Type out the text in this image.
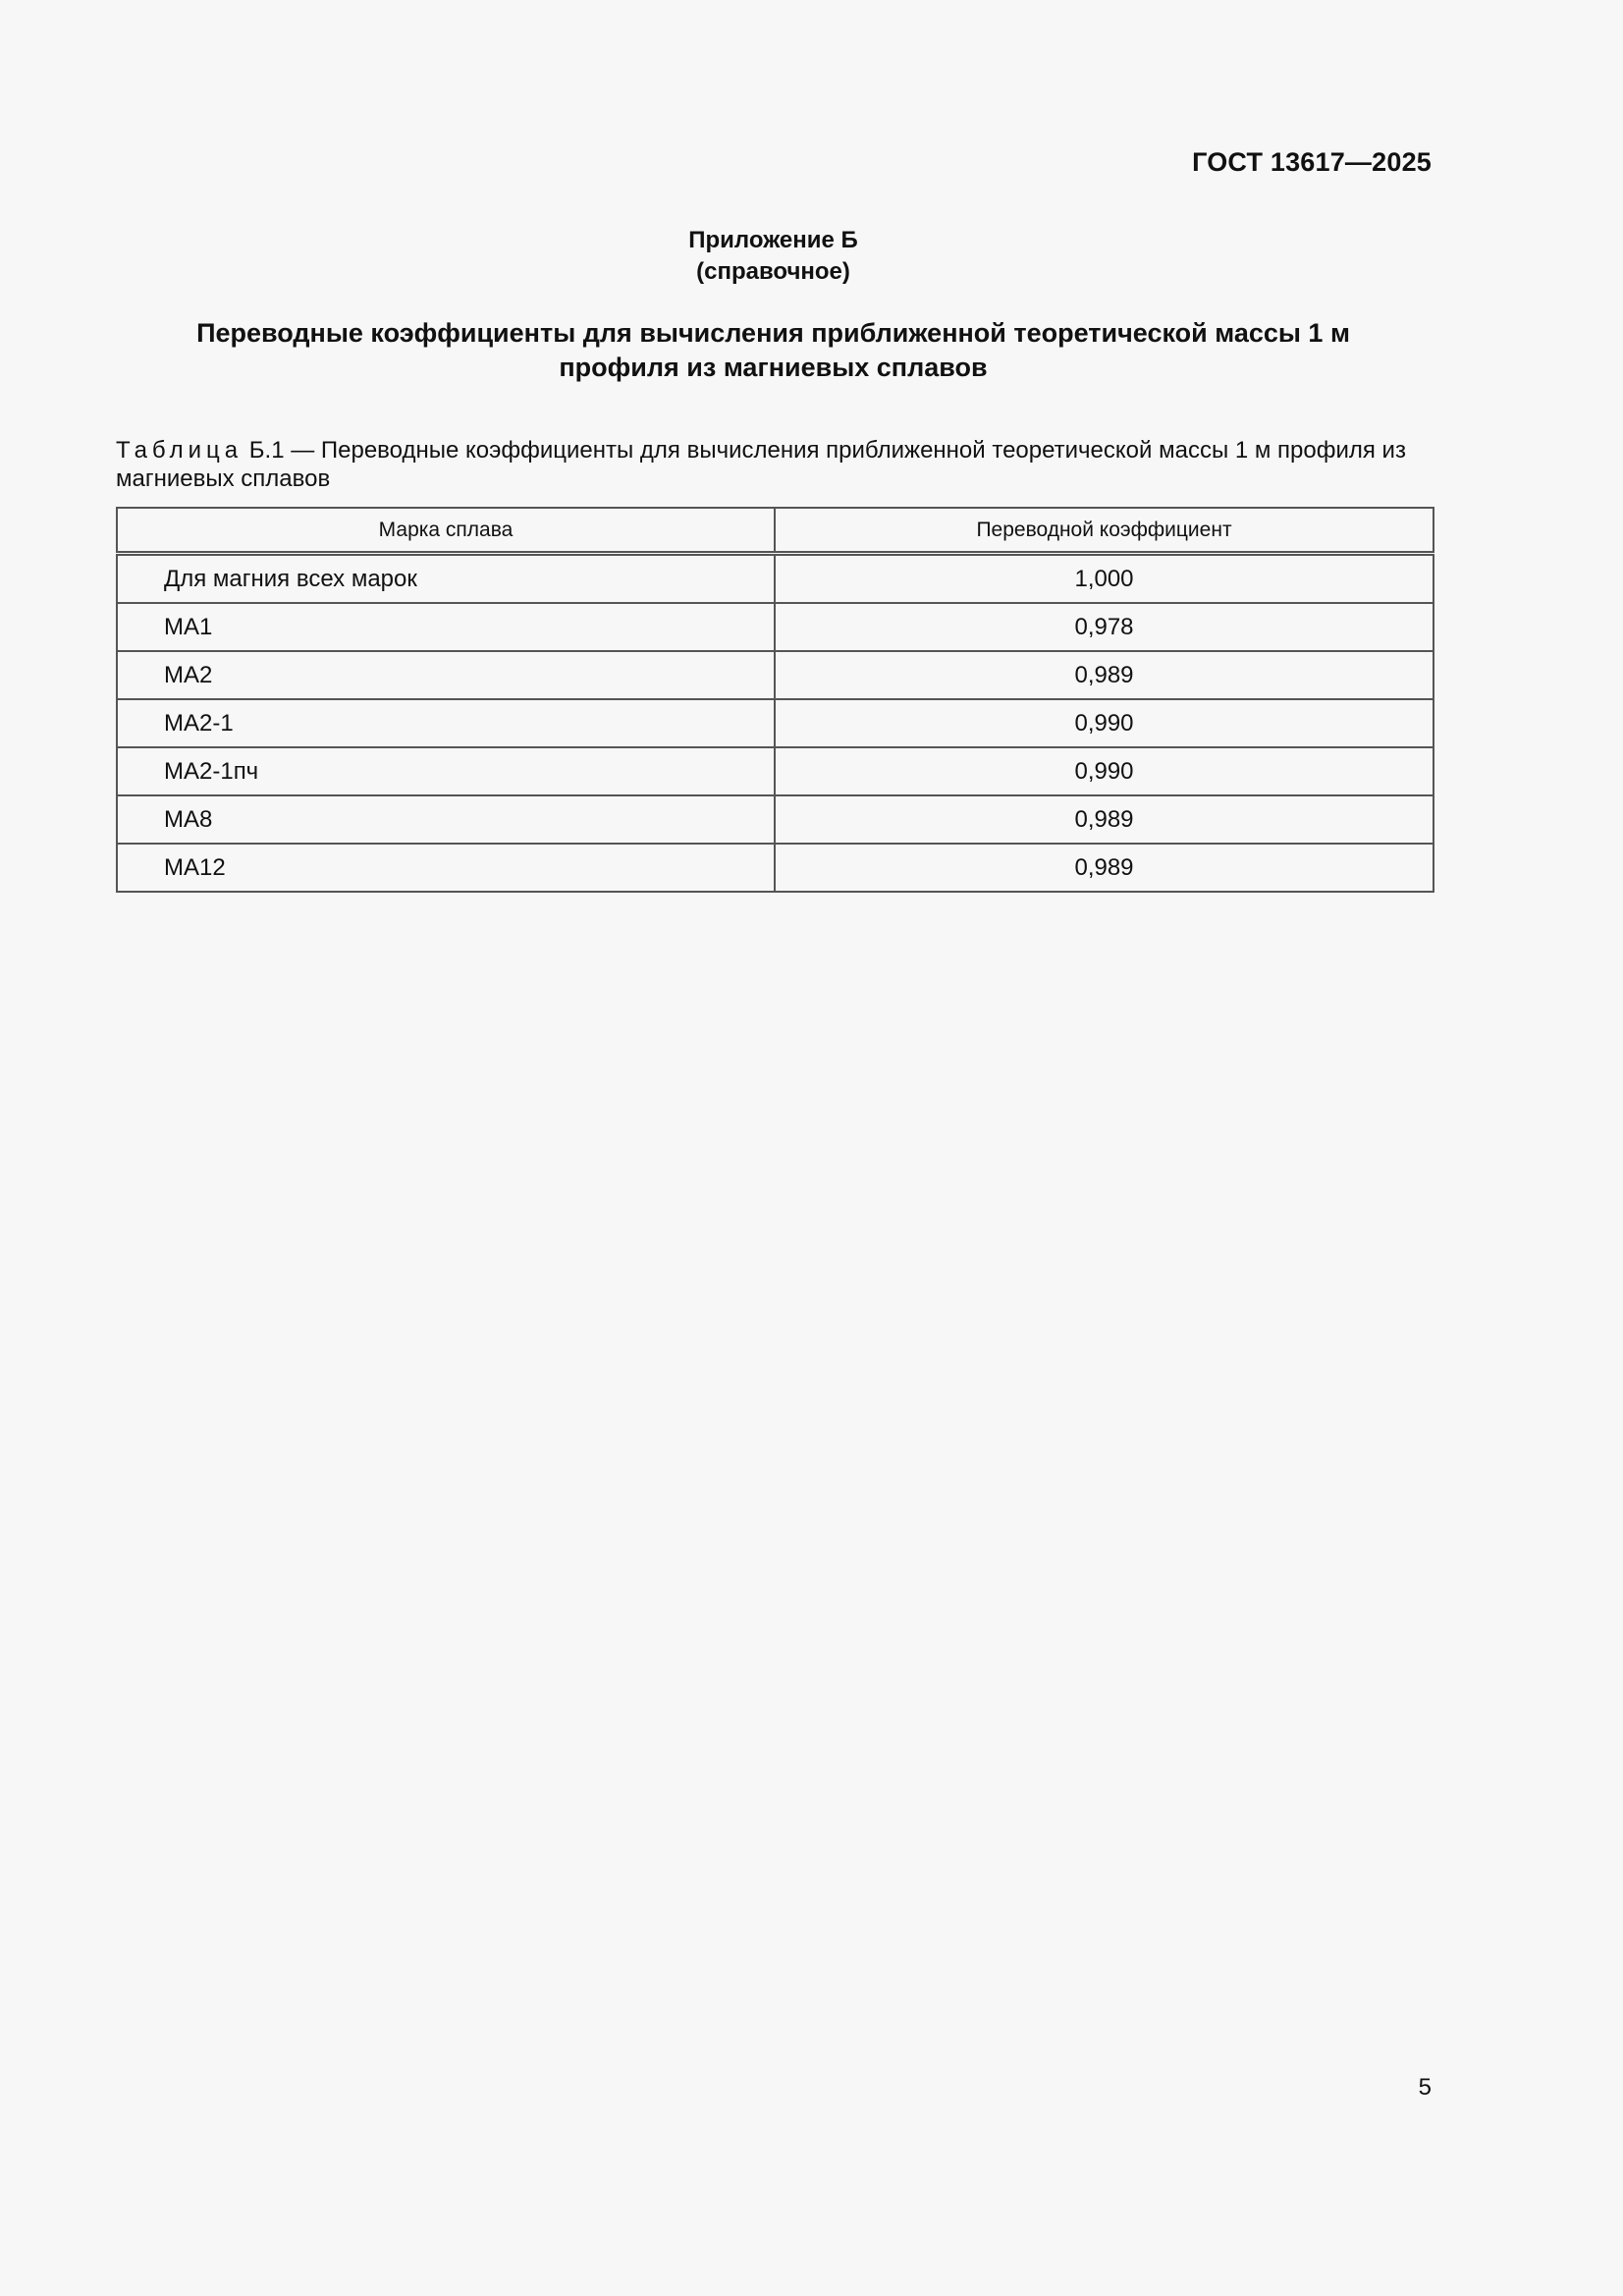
ГОСТ 13617—2025
Приложение Б
(справочное)
Переводные коэффициенты для вычисления приближенной теоретической массы 1 м профиля из магниевых сплавов
Таблица Б.1 — Переводные коэффициенты для вычисления приближенной теоретической массы 1 м профиля из магниевых сплавов
Марка сплава	Переводной коэффициент
Для магния всех марок	1,000
МА1	0,978
МА2	0,989
МА2-1	0,990
МА2-1пч	0,990
МА8	0,989
МА12	0,989
5
